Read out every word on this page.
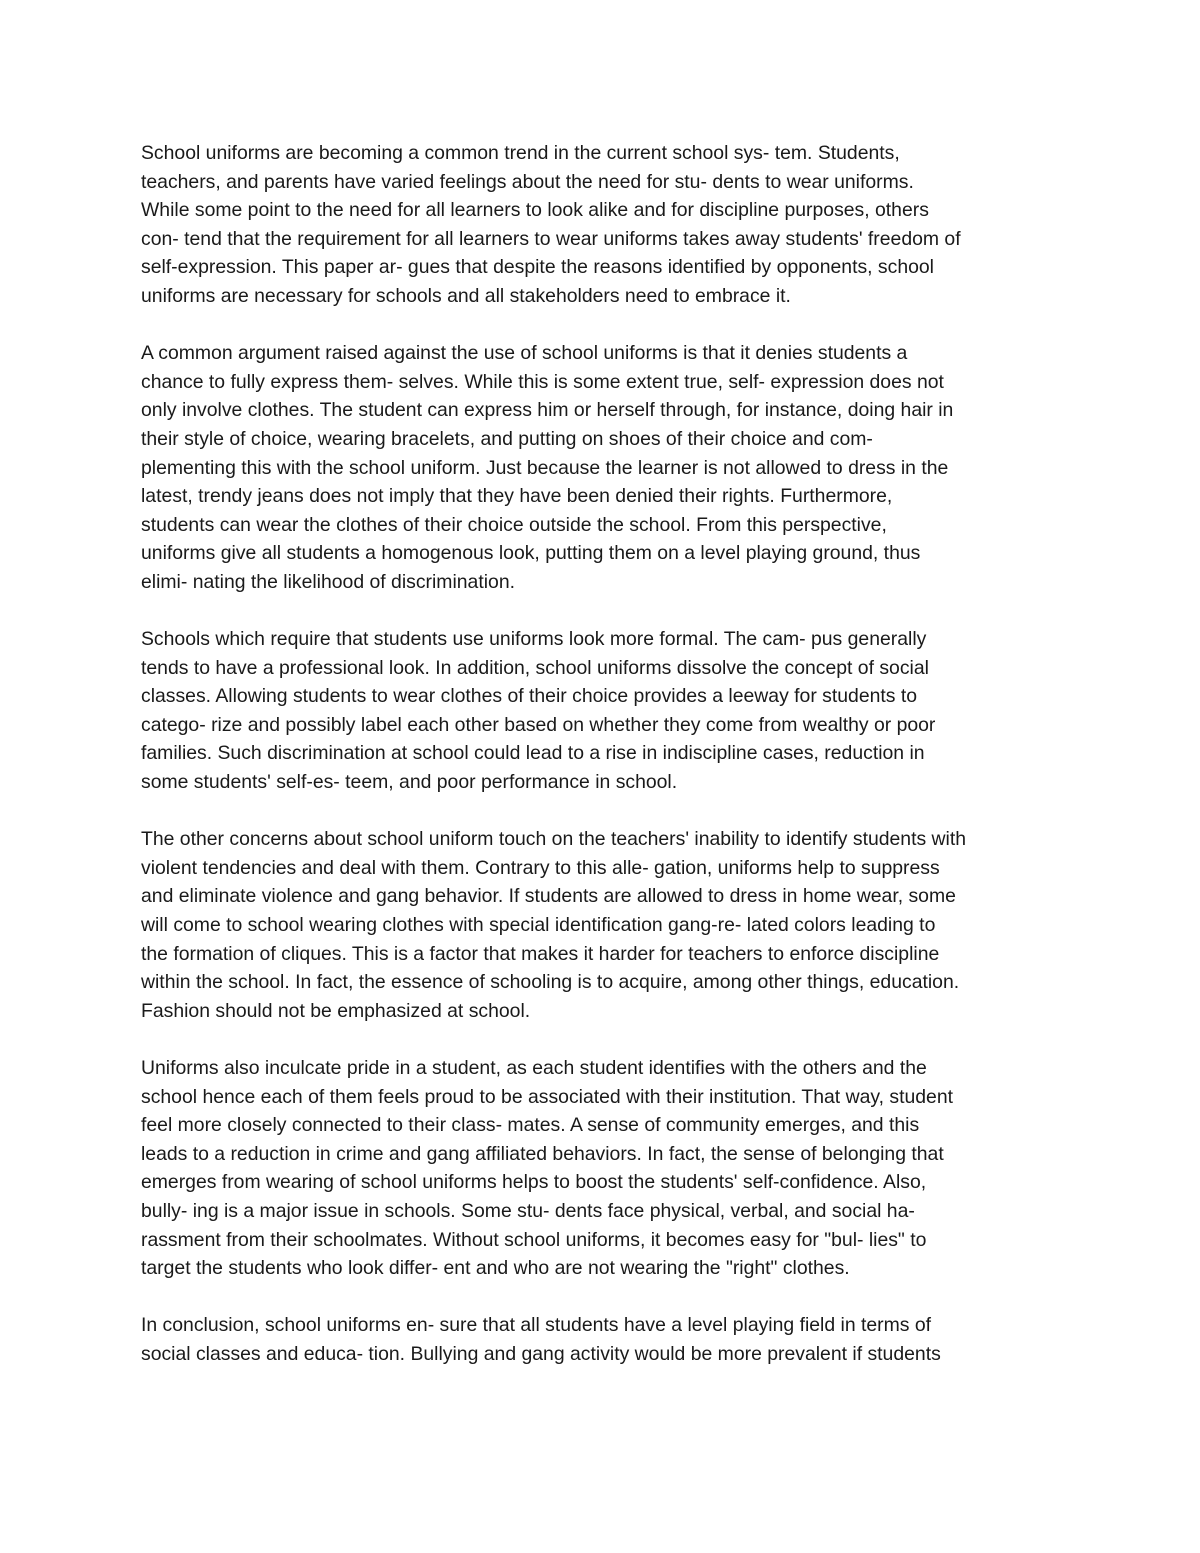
School uniforms are becoming a common trend in the current school sys- tem. Students,
teachers, and parents have varied feelings about the need for stu- dents to wear uniforms.
While some point to the need for all learners to look alike and for discipline purposes, others
con- tend that the requirement for all learners to wear uniforms takes away students' freedom of
self-expression. This paper ar- gues that despite the reasons identified by opponents, school
uniforms are necessary for schools and all stakeholders need to embrace it.

A common argument raised against the use of school uniforms is that it denies students a
chance to fully express them- selves. While this is some extent true, self- expression does not
only involve clothes. The student can express him or herself through, for instance, doing hair in
their style of choice, wearing bracelets, and putting on shoes of their choice and com-
plementing this with the school uniform. Just because the learner is not allowed to dress in the
latest, trendy jeans does not imply that they have been denied their rights. Furthermore,
students can wear the clothes of their choice outside the school. From this perspective,
uniforms give all students a homogenous look, putting them on a level playing ground, thus
elimi- nating the likelihood of discrimination.

Schools which require that students use uniforms look more formal. The cam- pus generally
tends to have a professional look. In addition, school uniforms dissolve the concept of social
classes. Allowing students to wear clothes of their choice provides a leeway for students to
catego- rize and possibly label each other based on whether they come from wealthy or poor
families. Such discrimination at school could lead to a rise in indiscipline cases, reduction in
some students' self-es- teem, and poor performance in school.

The other concerns about school uniform touch on the teachers' inability to identify students with
violent tendencies and deal with them. Contrary to this alle- gation, uniforms help to suppress
and eliminate violence and gang behavior. If students are allowed to dress in home wear, some
will come to school wearing clothes with special identification gang-re- lated colors leading to
the formation of cliques. This is a factor that makes it harder for teachers to enforce discipline
within the school. In fact, the essence of schooling is to acquire, among other things, education.
Fashion should not be emphasized at school.

Uniforms also inculcate pride in a student, as each student identifies with the others and the
school hence each of them feels proud to be associated with their institution. That way, student
feel more closely connected to their class- mates. A sense of community emerges, and this
leads to a reduction in crime and gang affiliated behaviors. In fact, the sense of belonging that
emerges from wearing of school uniforms helps to boost the students' self-confidence. Also,
bully- ing is a major issue in schools. Some stu- dents face physical, verbal, and social ha-
rassment from their schoolmates. Without school uniforms, it becomes easy for "bul- lies" to
target the students who look differ- ent and who are not wearing the "right" clothes.

In conclusion, school uniforms en- sure that all students have a level playing field in terms of
social classes and educa- tion. Bullying and gang activity would be more prevalent if students
